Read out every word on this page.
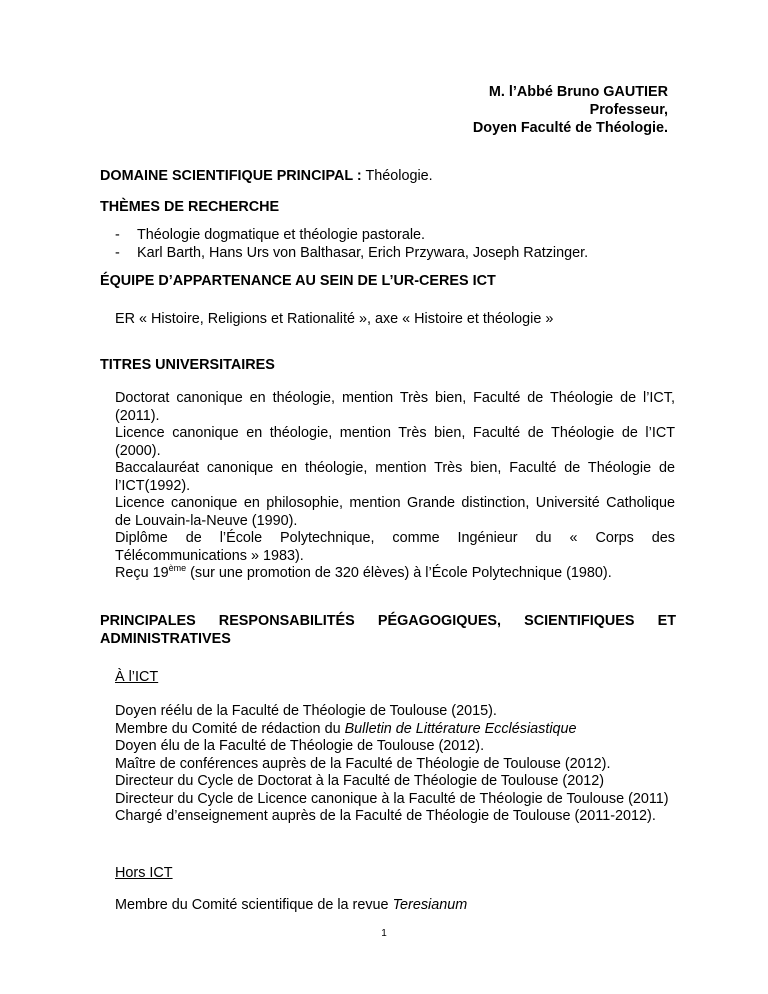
M. l’Abbé Bruno GAUTIER
Professeur,
Doyen Faculté de Théologie.
DOMAINE SCIENTIFIQUE PRINCIPAL : Théologie.
THÈMES DE RECHERCHE
- Théologie dogmatique et théologie pastorale.
- Karl Barth, Hans Urs von Balthasar, Erich Przywara, Joseph Ratzinger.
ÉQUIPE D’APPARTENANCE AU SEIN DE L’UR-CERES ICT
ER « Histoire, Religions et Rationalité », axe « Histoire et théologie »
TITRES UNIVERSITAIRES
Doctorat canonique en théologie, mention Très bien, Faculté de Théologie de l’ICT, (2011).
Licence canonique en théologie, mention Très bien, Faculté de Théologie de l’ICT (2000).
Baccalauréat canonique en théologie, mention Très bien, Faculté de Théologie de l’ICT(1992).
Licence canonique en philosophie, mention Grande distinction, Université Catholique de Louvain-la-Neuve (1990).
Diplôme de l’École Polytechnique, comme Ingénieur du « Corps des
Télécommunications » 1983).
Reçu 19ème (sur une promotion de 320 élèves) à l’École Polytechnique (1980).
PRINCIPALES RESPONSABILITÉS PÉGAGOGIQUES, SCIENTIFIQUES ET
ADMINISTRATIVES
À l’ICT
Doyen réélu de la Faculté de Théologie de Toulouse (2015).
Membre du Comité de rédaction du Bulletin de Littérature Ecclésiastique
Doyen élu de la Faculté de Théologie de Toulouse (2012).
Maître de conférences auprès de la Faculté de Théologie de Toulouse (2012).
Directeur du Cycle de Doctorat à la Faculté de Théologie de Toulouse (2012)
Directeur du Cycle de Licence canonique à la Faculté de Théologie de Toulouse (2011)
Chargé d’enseignement auprès de la Faculté de Théologie de Toulouse (2011-2012).
Hors ICT
Membre du Comité scientifique de la revue Teresianum
1
